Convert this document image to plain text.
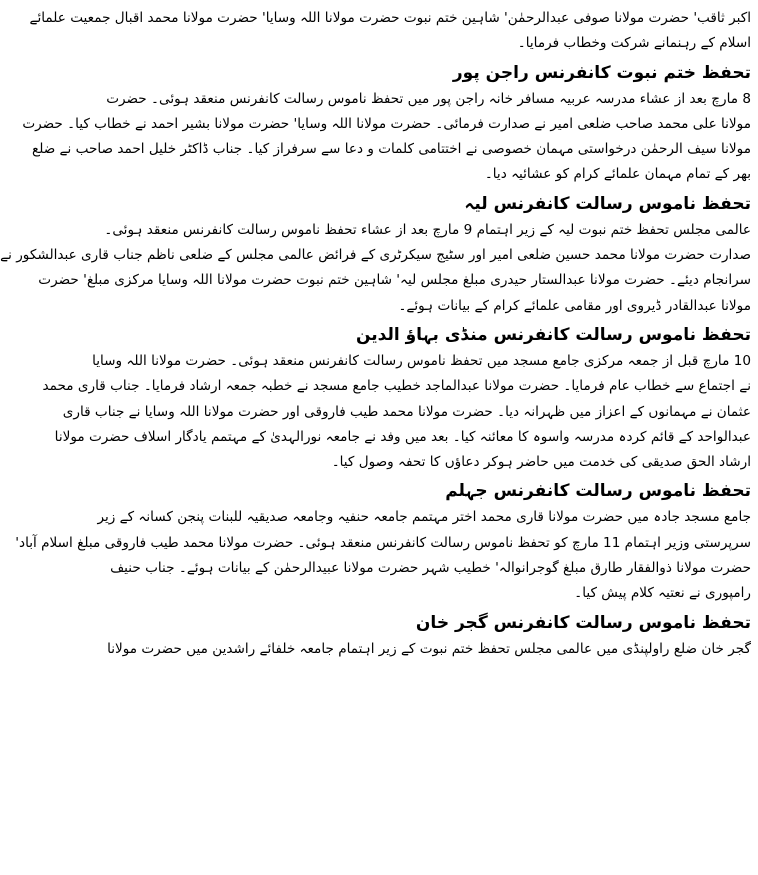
اکبر ثاقب' حضرت مولانا صوفی عبدالرحمٰن' شاہین ختم نبوت حضرت مولانا اللہ وسایا' حضرت مولانا محمد اقبال جمعیت علمائے
اسلام کے رہنمانے شرکت وخطاب فرمایا۔
تحفظ ختم نبوت کانفرنس راجن پور
8 مارچ بعد از عشاء مدرسہ عربیہ مسافر خانہ راجن پور میں تحفظ ناموس رسالت کانفرنس منعقد ہوئی۔ حضرت
مولانا علی محمد صاحب ضلعی امیر نے صدارت فرمائی۔ حضرت مولانا اللہ وسایا' حضرت مولانا بشیر احمد نے خطاب کیا۔ حضرت
مولانا سیف الرحمٰن درخواستی مہمان خصوصی نے اختتامی کلمات و دعا سے سرفراز کیا۔ جناب ڈاکٹر خلیل احمد صاحب نے ضلع
بھر کے تمام مہمان علمائے کرام کو عشائیہ دیا۔
تحفظ ناموس رسالت کانفرنس لیہ
عالمی مجلس تحفظ ختم نبوت لیہ کے زیر اہتمام 9 مارچ بعد از عشاء تحفظ ناموس رسالت کانفرنس منعقد ہوئی۔
صدارت حضرت مولانا محمد حسین ضلعی امیر اور سٹیج سیکرٹری کے فرائض عالمی مجلس کے ضلعی ناظم جناب قاری عبدالشکور نے
سرانجام دیئے۔ حضرت مولانا عبدالستار حیدری مبلغ مجلس لیہ' شاہین ختم نبوت حضرت مولانا اللہ وسایا مرکزی مبلغ' حضرت
مولانا عبدالقادر ڈیروی اور مقامی علمائے کرام کے بیانات ہوئے۔
تحفظ ناموس رسالت کانفرنس منڈی بہاؤ الدین
10 مارچ قبل از جمعہ مرکزی جامع مسجد میں تحفظ ناموس رسالت کانفرنس منعقد ہوئی۔ حضرت مولانا اللہ وسایا
نے اجتماع سے خطاب عام فرمایا۔ حضرت مولانا عبدالماجد خطیب جامع مسجد نے خطبہ جمعہ ارشاد فرمایا۔ جناب قاری محمد
عثمان نے مہمانوں کے اعزاز میں ظہرانہ دیا۔ حضرت مولانا محمد طیب فاروقی اور حضرت مولانا اللہ وسایا نے جناب قاری
عبدالواحد کے قائم کردہ مدرسہ واسوہ کا معائنہ کیا۔ بعد میں وفد نے جامعہ نورالہدیٰ کے مہتمم یادگار اسلاف حضرت مولانا
ارشاد الحق صدیقی کی خدمت میں حاضر ہوکر دعاؤں کا تحفہ وصول کیا۔
تحفظ ناموس رسالت کانفرنس جہلم
جامع مسجد جادہ میں حضرت مولانا قاری محمد اختر مہتمم جامعہ حنفیہ وجامعہ صدیقیہ للبنات پنجن کسانہ کے زیر
سرپرستی وزیر اہتمام 11 مارچ کو تحفظ ناموس رسالت کانفرنس منعقد ہوئی۔ حضرت مولانا محمد طیب فاروقی مبلغ اسلام آباد'
حضرت مولانا ذوالفقار طارق مبلغ گوجرانوالہ' خطیب شہر حضرت مولانا عبیدالرحمٰن کے بیانات ہوئے۔ جناب حنیف
رامپوری نے نعتیہ کلام پیش کیا۔
تحفظ ناموس رسالت کانفرنس گجر خان
گجر خان ضلع راولپنڈی میں عالمی مجلس تحفظ ختم نبوت کے زیر اہتمام جامعہ خلفائے راشدین میں حضرت مولانا
